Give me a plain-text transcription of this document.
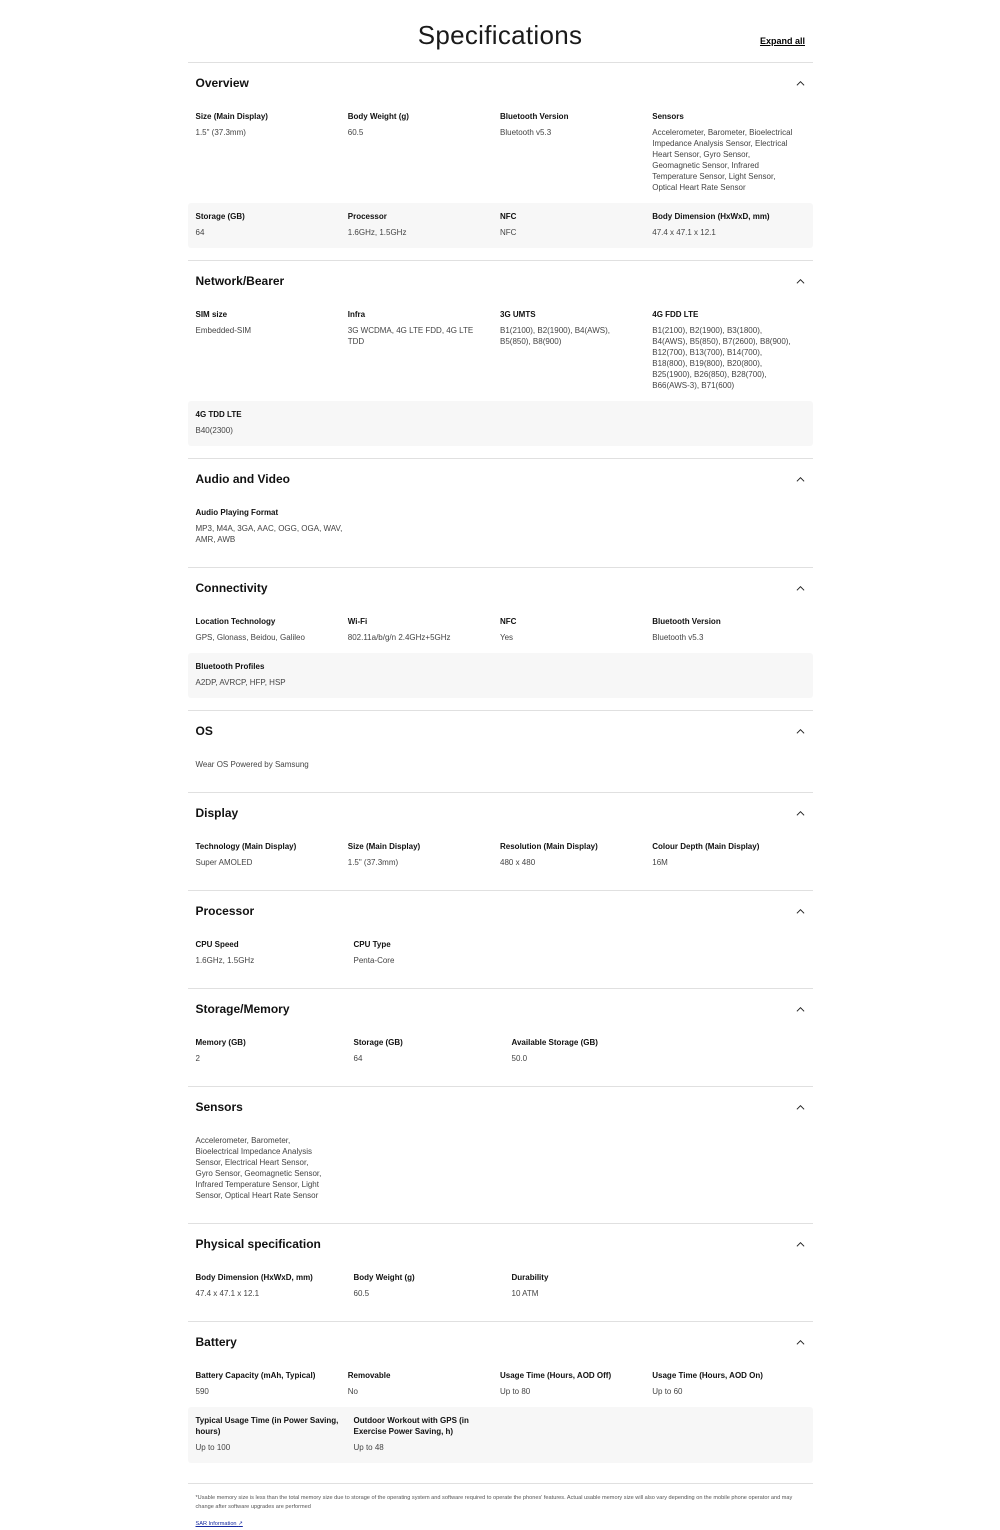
Specifications	Expand all
Overview
Size (Main Display)
1.5" (37.3mm)
Body Weight (g)
60.5
Bluetooth Version
Bluetooth v5.3
Sensors
Accelerometer, Barometer, Bioelectrical Impedance Analysis Sensor, Electrical Heart Sensor, Gyro Sensor, Geomagnetic Sensor, Infrared Temperature Sensor, Light Sensor, Optical Heart Rate Sensor
Storage (GB)
64
Processor
1.6GHz, 1.5GHz
NFC
NFC
Body Dimension (HxWxD, mm)
47.4 x 47.1 x 12.1
Network/Bearer
SIM size
Embedded-SIM
Infra
3G WCDMA, 4G LTE FDD, 4G LTE TDD
3G UMTS
B1(2100), B2(1900), B4(AWS), B5(850), B8(900)
4G FDD LTE
B1(2100), B2(1900), B3(1800), B4(AWS), B5(850), B7(2600), B8(900), B12(700), B13(700), B14(700), B18(800), B19(800), B20(800), B25(1900), B26(850), B28(700), B66(AWS-3), B71(600)
4G TDD LTE
B40(2300)
Audio and Video
Audio Playing Format
MP3, M4A, 3GA, AAC, OGG, OGA, WAV, AMR, AWB
Connectivity
Location Technology
GPS, Glonass, Beidou, Galileo
Wi-Fi
802.11a/b/g/n 2.4GHz+5GHz
NFC
Yes
Bluetooth Version
Bluetooth v5.3
Bluetooth Profiles
A2DP, AVRCP, HFP, HSP
OS
Wear OS Powered by Samsung
Display
Technology (Main Display)
Super AMOLED
Size (Main Display)
1.5" (37.3mm)
Resolution (Main Display)
480 x 480
Colour Depth (Main Display)
16M
Processor
CPU Speed
1.6GHz, 1.5GHz
CPU Type
Penta-Core
Storage/Memory
Memory (GB)
2
Storage (GB)
64
Available Storage (GB)
50.0
Sensors
Accelerometer, Barometer, Bioelectrical Impedance Analysis Sensor, Electrical Heart Sensor, Gyro Sensor, Geomagnetic Sensor, Infrared Temperature Sensor, Light Sensor, Optical Heart Rate Sensor
Physical specification
Body Dimension (HxWxD, mm)
47.4 x 47.1 x 12.1
Body Weight (g)
60.5
Durability
10 ATM
Battery
Battery Capacity (mAh, Typical)
590
Removable
No
Usage Time (Hours, AOD Off)
Up to 80
Usage Time (Hours, AOD On)
Up to 60
Typical Usage Time (in Power Saving, hours)
Up to 100
Outdoor Workout with GPS (in Exercise Power Saving, h)
Up to 48

*Usable memory size is less than the total memory size due to storage of the operating system and software required to operate the phones' features. Actual usable memory size will also vary depending on the mobile phone operator and may change after software upgrades are performed

SAR Information ↗
